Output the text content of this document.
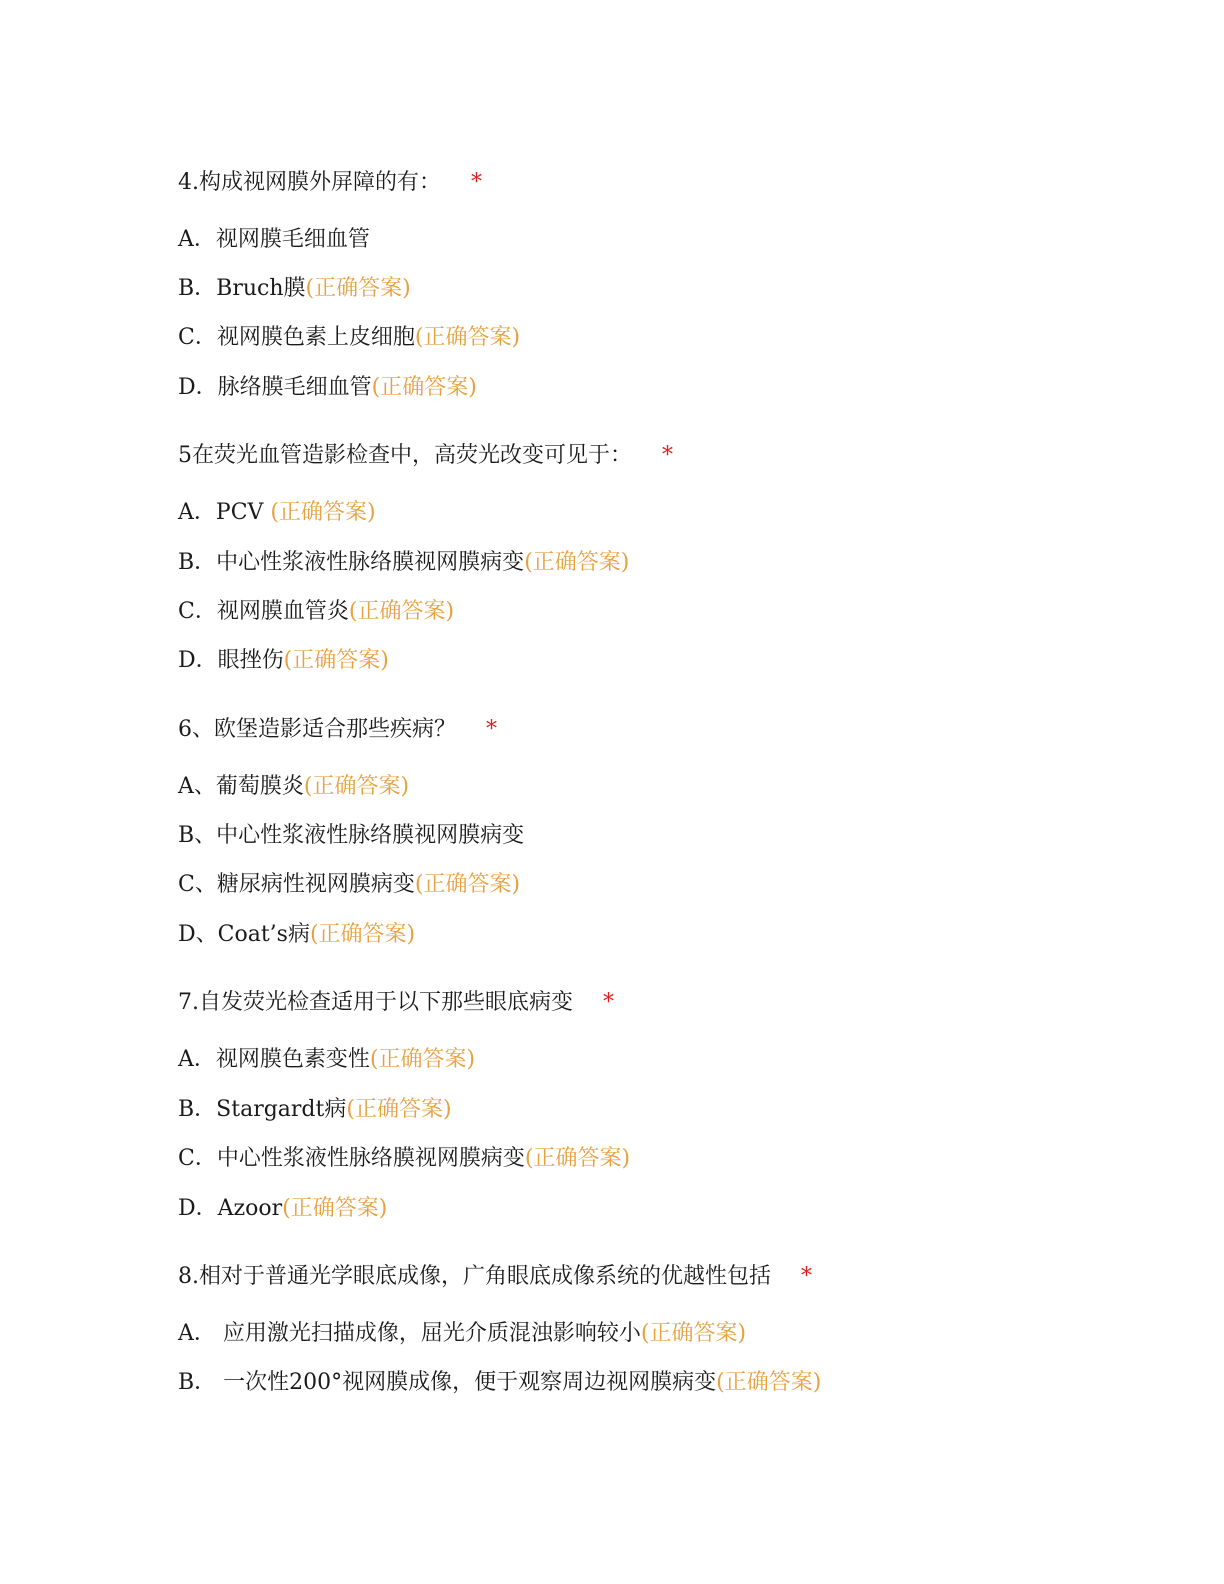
4.构成视网膜外屏障的有： *
A．视网膜毛细血管
B．Bruch膜(正确答案)
C．视网膜色素上皮细胞(正确答案)
D．脉络膜毛细血管(正确答案)
5在荧光血管造影检查中，高荧光改变可见于： *
A．PCV (正确答案)
B．中心性浆液性脉络膜视网膜病变(正确答案)
C．视网膜血管炎(正确答案)
D．眼挫伤(正确答案)
6、欧堡造影适合那些疾病？ *
A、葡萄膜炎(正确答案)
B、中心性浆液性脉络膜视网膜病变
C、糖尿病性视网膜病变(正确答案)
D、Coat’s病(正确答案)
7.自发荧光检查适用于以下那些眼底病变 *
A．视网膜色素变性(正确答案)
B．Stargardt病(正确答案)
C．中心性浆液性脉络膜视网膜病变(正确答案)
D．Azoor(正确答案)
8.相对于普通光学眼底成像，广角眼底成像系统的优越性包括 *
A． 应用激光扫描成像，屈光介质混浊影响较小(正确答案)
B． 一次性200°视网膜成像，便于观察周边视网膜病变(正确答案)
